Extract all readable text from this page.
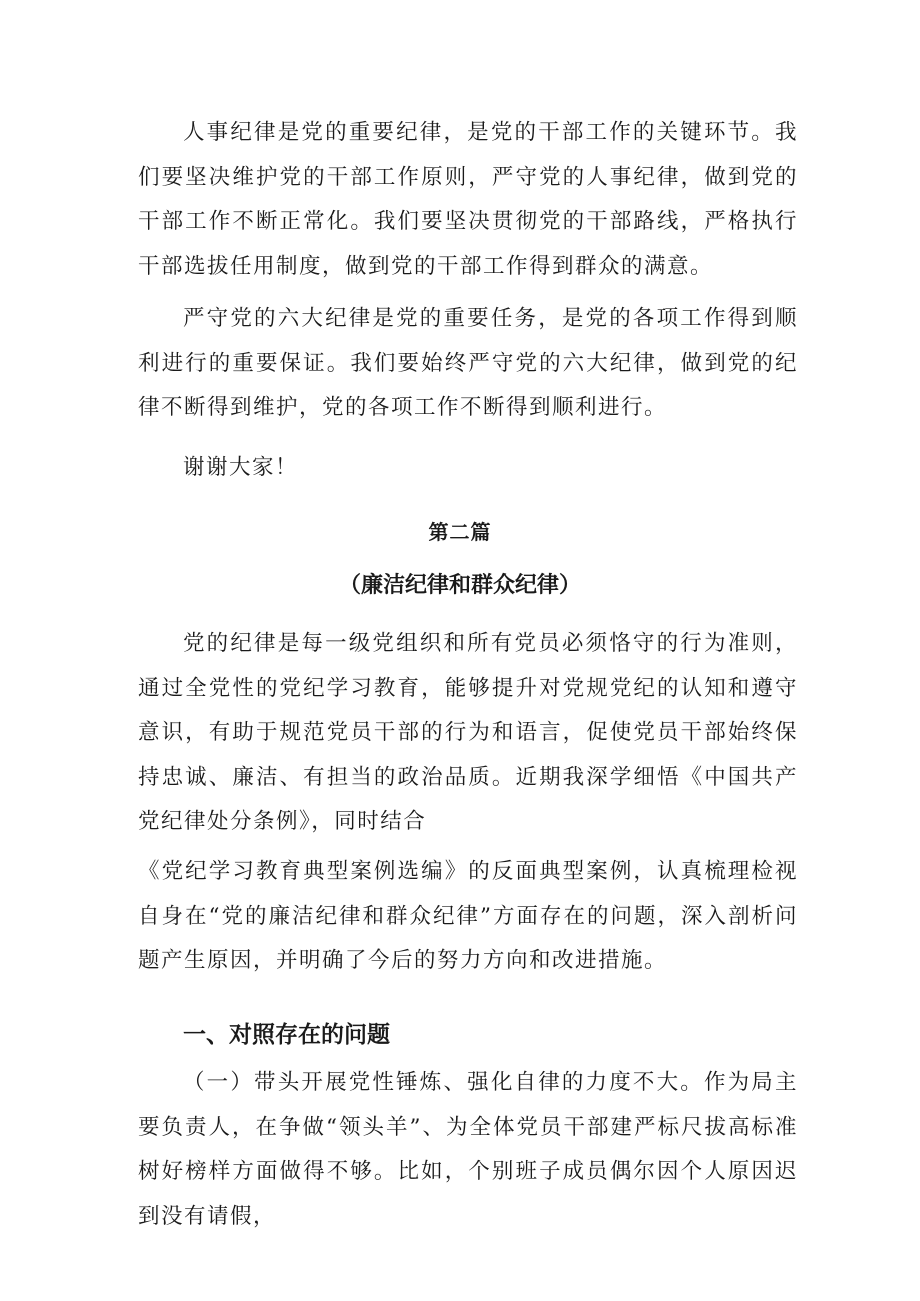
人事纪律是党的重要纪律，是党的干部工作的关键环节。我们要坚决维护党的干部工作原则，严守党的人事纪律，做到党的干部工作不断正常化。我们要坚决贯彻党的干部路线，严格执行干部选拔任用制度，做到党的干部工作得到群众的满意。

严守党的六大纪律是党的重要任务，是党的各项工作得到顺利进行的重要保证。我们要始终严守党的六大纪律，做到党的纪律不断得到维护，党的各项工作不断得到顺利进行。

谢谢大家！

第二篇
（廉洁纪律和群众纪律）

党的纪律是每一级党组织和所有党员必须恪守的行为准则，通过全党性的党纪学习教育，能够提升对党规党纪的认知和遵守意识，有助于规范党员干部的行为和语言，促使党员干部始终保持忠诚、廉洁、有担当的政治品质。近期我深学细悟《中国共产党纪律处分条例》，同时结合

《党纪学习教育典型案例选编》的反面典型案例，认真梳理检视自身在“党的廉洁纪律和群众纪律”方面存在的问题，深入剖析问题产生原因，并明确了今后的努力方向和改进措施。

一、对照存在的问题

（一）带头开展党性锤炼、强化自律的力度不大。作为局主要负责人，在争做“领头羊”、为全体党员干部建严标尺拔高标准树好榜样方面做得不够。比如，个别班子成员偶尔因个人原因迟到没有请假，
